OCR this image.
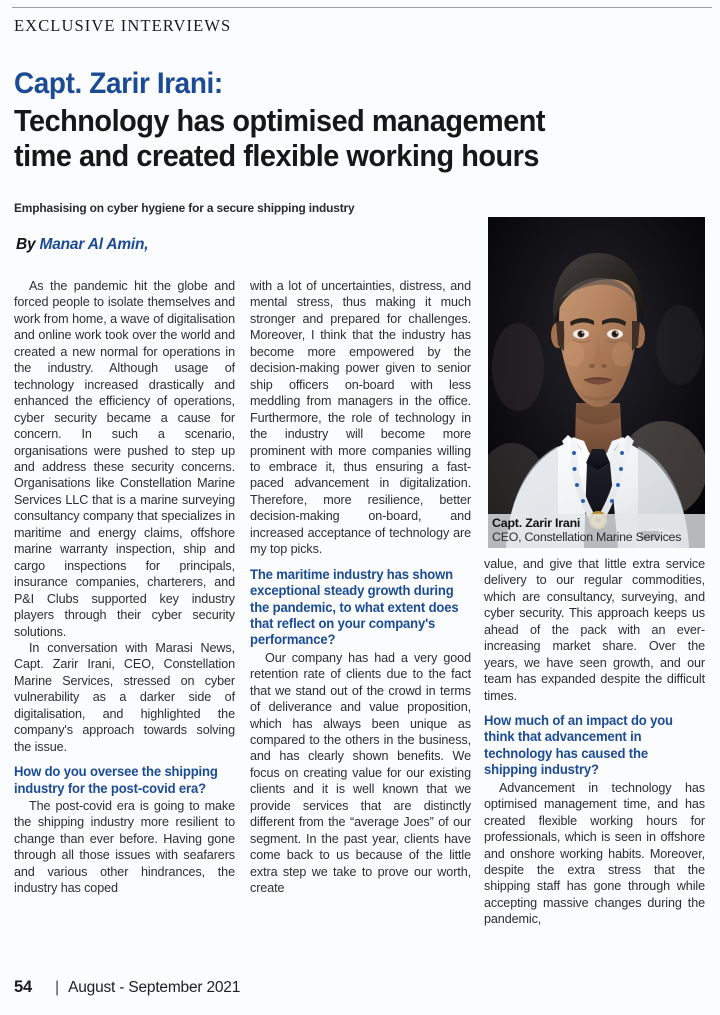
EXCLUSIVE INTERVIEWS
Capt. Zarir Irani:
Technology has optimised management
time and created flexible working hours
Emphasising on cyber hygiene for a secure shipping industry
By Manar Al Amin,
Capt. Zarir Irani
CEO, Constellation Marine Services

As the pandemic hit the globe and forced people to isolate themselves and work from home, a wave of digitalisation and online work took over the world and created a new normal for operations in the industry. Although usage of technology increased drastically and enhanced the efficiency of operations, cyber security became a cause for concern. In such a scenario, organisations were pushed to step up and address these security concerns. Organisations like Constellation Marine Services LLC that is a marine surveying consultancy company that specializes in maritime and energy claims, offshore marine warranty inspection, ship and cargo inspections for principals, insurance companies, charterers, and P&I Clubs supported key industry players through their cyber security solutions.

In conversation with Marasi News, Capt. Zarir Irani, CEO, Constellation Marine Services, stressed on cyber vulnerability as a darker side of digitalisation, and highlighted the company's approach towards solving the issue.

How do you oversee the shipping industry for the post-covid era?

The post-covid era is going to make the shipping industry more resilient to change than ever before. Having gone through all those issues with seafarers and various other hindrances, the industry has coped

with a lot of uncertainties, distress, and mental stress, thus making it much stronger and prepared for challenges. Moreover, I think that the industry has become more empowered by the decision-making power given to senior ship officers on-board with less meddling from managers in the office. Furthermore, the role of technology in the industry will become more prominent with more companies willing to embrace it, thus ensuring a fast-paced advancement in digitalization. Therefore, more resilience, better decision-making on-board, and increased acceptance of technology are my top picks.

The maritime industry has shown exceptional steady growth during the pandemic, to what extent does that reflect on your company's performance?

Our company has had a very good retention rate of clients due to the fact that we stand out of the crowd in terms of deliverance and value proposition, which has always been unique as compared to the others in the business, and has clearly shown benefits. We focus on creating value for our existing clients and it is well known that we provide services that are distinctly different from the “average Joes” of our segment. In the past year, clients have come back to us because of the little extra step we take to prove our worth, create

value, and give that little extra service delivery to our regular commodities, which are consultancy, surveying, and cyber security. This approach keeps us ahead of the pack with an ever-increasing market share. Over the years, we have seen growth, and our team has expanded despite the difficult times.

How much of an impact do you think that advancement in technology has caused the shipping industry?

Advancement in technology has optimised management time, and has created flexible working hours for professionals, which is seen in offshore and onshore working habits. Moreover, despite the extra stress that the shipping staff has gone through while accepting massive changes during the pandemic,

54 | August - September 2021
